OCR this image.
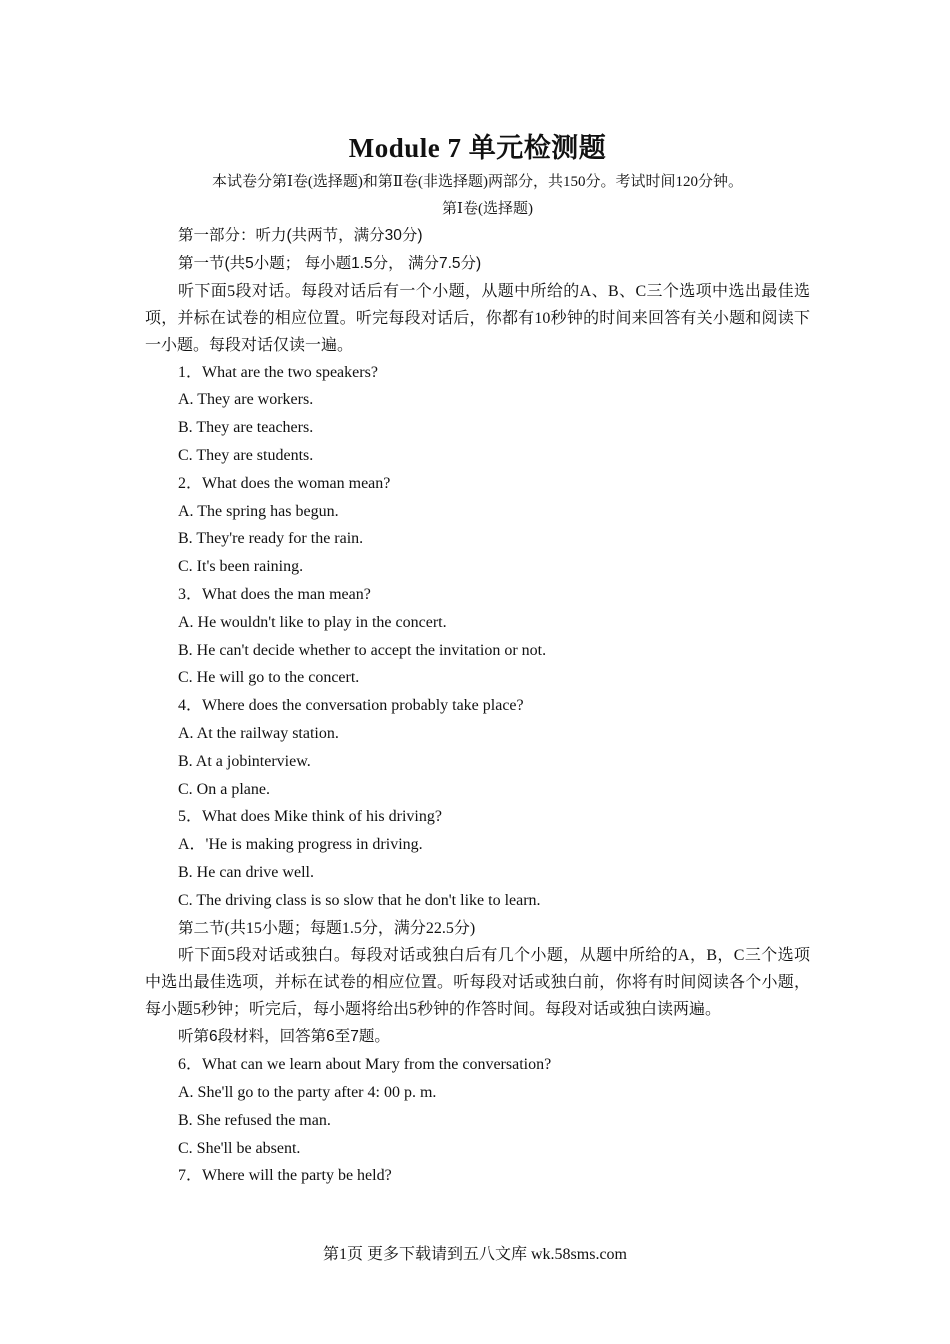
Module 7 单元检测题

本试卷分第Ⅰ卷(选择题)和第Ⅱ卷(非选择题)两部分，共150分。考试时间120分钟。

第Ⅰ卷(选择题)

第一部分：听力(共两节，满分30分)

第一节(共5小题； 每小题1.5分， 满分7.5分)

听下面5段对话。每段对话后有一个小题，从题中所给的A、B、C三个选项中选出最佳选项，并标在试卷的相应位置。听完每段对话后，你都有10秒钟的时间来回答有关小题和阅读下一小题。每段对话仅读一遍。

1．What are the two speakers?

A. They are workers.

B. They are teachers.

C. They are students.

2．What does the woman mean?

A. The spring has begun.

B. They're ready for the rain.

C. It's been raining.

3．What does the man mean?

A. He wouldn't like to play in the concert.

B. He can't decide whether to accept the invitation or not.

C. He will go to the concert.

4．Where does the conversation probably take place?

A. At the railway station.

B. At a jobinterview.

C. On a plane.

5．What does Mike think of his driving?

A．'He is making progress in driving.

B. He can drive well.

C. The driving class is so slow that he don't like to learn.

第二节(共15小题；每题1.5分，满分22.5分)

听下面5段对话或独白。每段对话或独白后有几个小题，从题中所给的A，B，C三个选项中选出最佳选项，并标在试卷的相应位置。听每段对话或独白前，你将有时间阅读各个小题，每小题5秒钟；听完后，每小题将给出5秒钟的作答时间。每段对话或独白读两遍。

听第6段材料，回答第6至7题。

6．What can we learn about Mary from the conversation?

A. She'll go to the party after 4: 00 p. m.

B. She refused the man.

C. She'll be absent.

7．Where will the party be held?

第1页 更多下载请到五八文库 wk.58sms.com
